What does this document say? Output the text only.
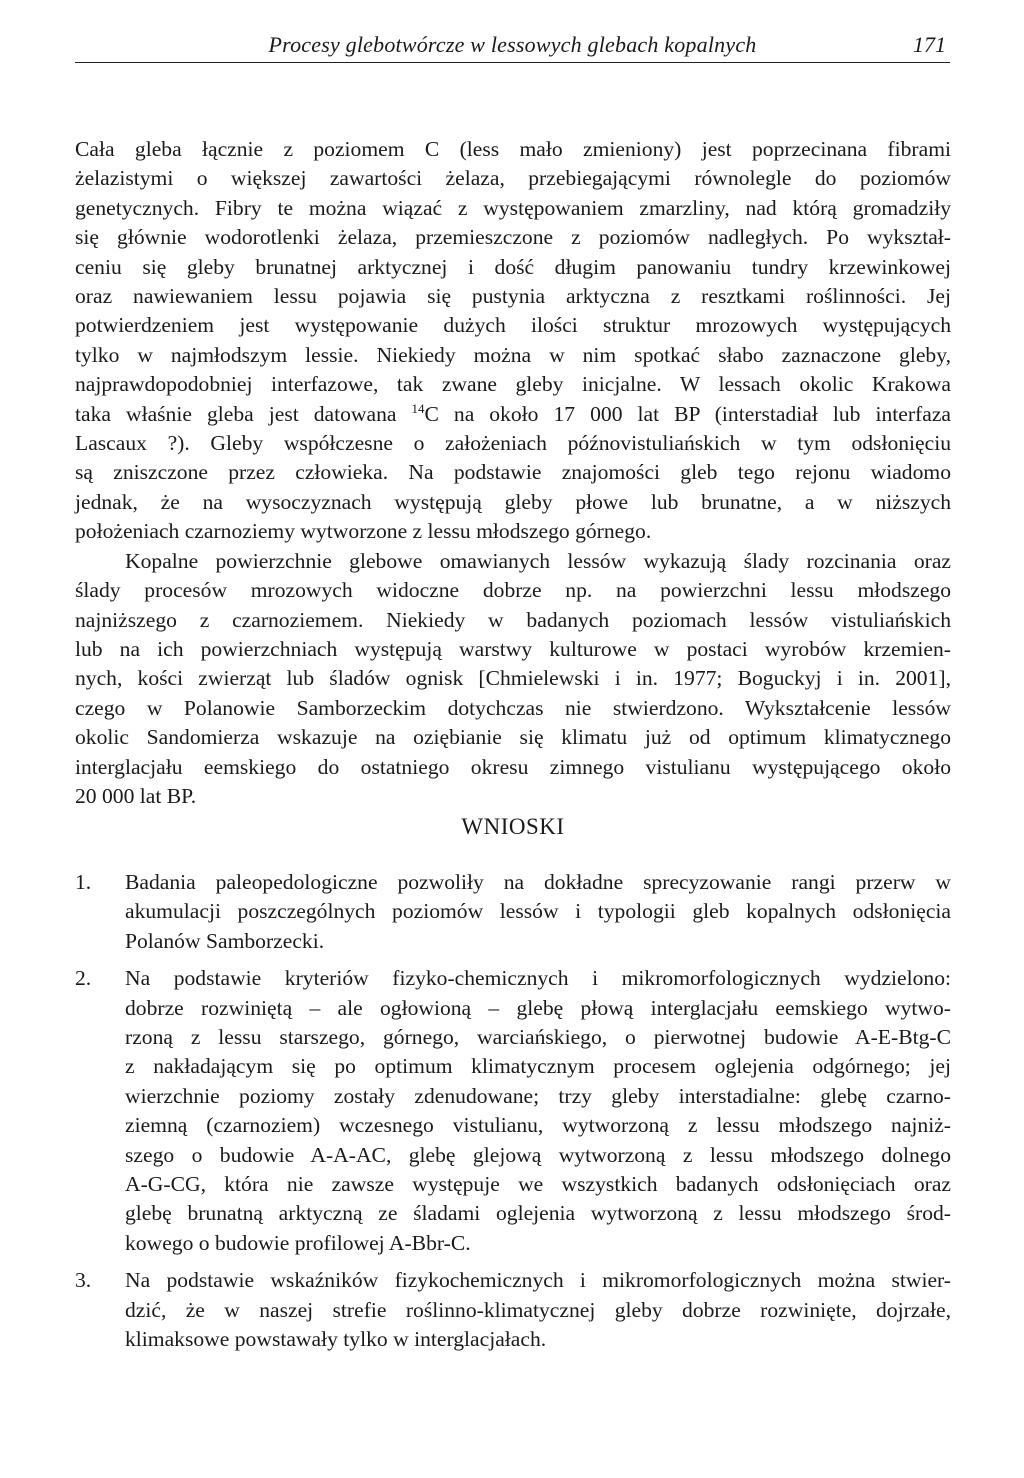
Procesy glebotwórcze w lessowych glebach kopalnych	171

Cała gleba łącznie z poziomem C (less mało zmieniony) jest poprzecinana fibrami
żelazistymi o większej zawartości żelaza, przebiegającymi równolegle do poziomów
genetycznych. Fibry te można wiązać z występowaniem zmarzliny, nad którą gromadziły
się głównie wodorotlenki żelaza, przemieszczone z poziomów nadległych. Po wykształ-
ceniu się gleby brunatnej arktycznej i dość długim panowaniu tundry krzewinkowej
oraz nawiewaniem lessu pojawia się pustynia arktyczna z resztkami roślinności. Jej
potwierdzeniem jest występowanie dużych ilości struktur mrozowych występujących
tylko w najmłodszym lessie. Niekiedy można w nim spotkać słabo zaznaczone gleby,
najprawdopodobniej interfazowe, tak zwane gleby inicjalne. W lessach okolic Krakowa
taka właśnie gleba jest datowana $^{14}$C na około 17 000 lat BP (interstadiał lub interfaza
Lascaux ?). Gleby współczesne o założeniach późnovistuliańskich w tym odsłonięciu
są zniszczone przez człowieka. Na podstawie znajomości gleb tego rejonu wiadomo
jednak, że na wysoczyznach występują gleby płowe lub brunatne, a w niższych
położeniach czarnoziemy wytworzone z lessu młodszego górnego.

Kopalne powierzchnie glebowe omawianych lessów wykazują ślady rozcinania oraz
ślady procesów mrozowych widoczne dobrze np. na powierzchni lessu młodszego
najniższego z czarnoziemem. Niekiedy w badanych poziomach lessów vistuliańskich
lub na ich powierzchniach występują warstwy kulturowe w postaci wyrobów krzemien-
nych, kości zwierząt lub śladów ognisk [Chmielewski i in. 1977; Boguckyj i in. 2001],
czego w Polanowie Samborzeckim dotychczas nie stwierdzono. Wykształcenie lessów
okolic Sandomierza wskazuje na oziębianie się klimatu już od optimum klimatycznego
interglacjału eemskiego do ostatniego okresu zimnego vistulianu występującego około
20 000 lat BP.

WNIOSKI
1.	Badania paleopedologiczne pozwoliły na dokładne sprecyzowanie rangi przerw w
akumulacji poszczególnych poziomów lessów i typologii gleb kopalnych odsłonięcia
Polanów Samborzecki.
2.	Na podstawie kryteriów fizyko-chemicznych i mikromorfologicznych wydzielono:
dobrze rozwiniętą – ale ogłowioną – glebę płową interglacjału eemskiego wytwo-
rzoną z lessu starszego, górnego, warciańskiego, o pierwotnej budowie A-E-Btg-C
z nakładającym się po optimum klimatycznym procesem oglejenia odgórnego; jej
wierzchnie poziomy zostały zdenudowane; trzy gleby interstadialne: glebę czarno-
ziemną (czarnoziem) wczesnego vistulianu, wytworzoną z lessu młodszego najniż-
szego o budowie A-A-AC, glebę glejową wytworzoną z lessu młodszego dolnego
A-G-CG, która nie zawsze występuje we wszystkich badanych odsłonięciach oraz
glebę brunatną arktyczną ze śladami oglejenia wytworzoną z lessu młodszego środ-
kowego o budowie profilowej A-Bbr-C.
3.	Na podstawie wskaźników fizykochemicznych i mikromorfologicznych można stwier-
dzić, że w naszej strefie roślinno-klimatycznej gleby dobrze rozwinięte, dojrzałe,
klimaksowe powstawały tylko w interglacjałach.
